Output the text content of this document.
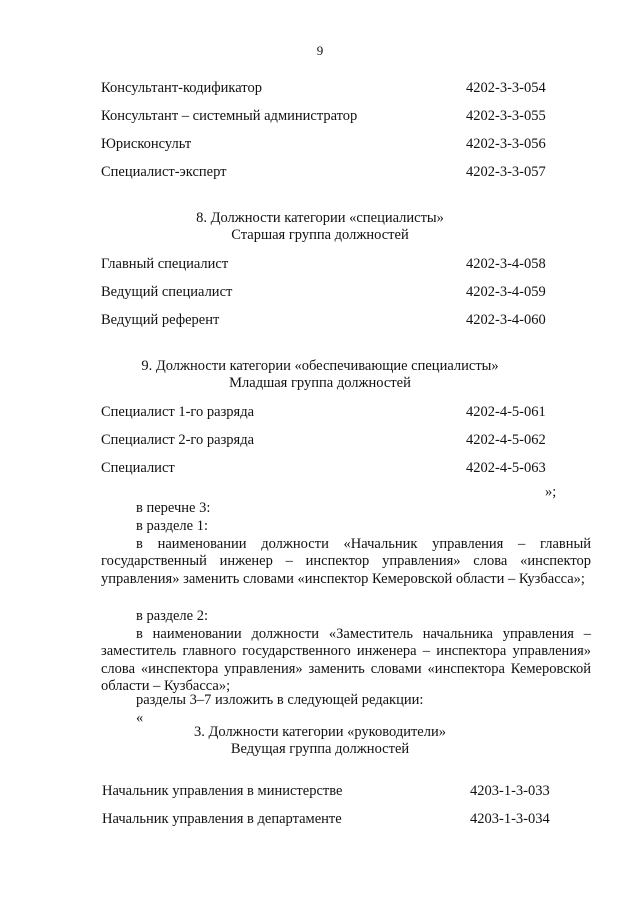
9
Консультант-кодификатор	4202-3-3-054
Консультант – системный администратор	4202-3-3-055
Юрисконсульт	4202-3-3-056
Специалист-эксперт	4202-3-3-057
8. Должности категории «специалисты»
Старшая группа должностей
Главный специалист	4202-3-4-058
Ведущий специалист	4202-3-4-059
Ведущий референт	4202-3-4-060
9. Должности категории «обеспечивающие специалисты»
Младшая группа должностей
Специалист 1-го разряда	4202-4-5-061
Специалист 2-го разряда	4202-4-5-062
Специалист	4202-4-5-063
»;
в перечне 3:
в разделе 1:
в наименовании должности «Начальник управления – главный государственный инженер – инспектор управления» слова «инспектор управления» заменить словами «инспектор Кемеровской области – Кузбасса»;
в разделе 2:
в наименовании должности «Заместитель начальника управления – заместитель главного государственного инженера – инспектора управления» слова «инспектора управления» заменить словами «инспектора Кемеровской области – Кузбасса»;
разделы 3–7 изложить в следующей редакции:
«
3. Должности категории «руководители»
Ведущая группа должностей
Начальник управления в министерстве	4203-1-3-033
Начальник управления в департаменте	4203-1-3-034
